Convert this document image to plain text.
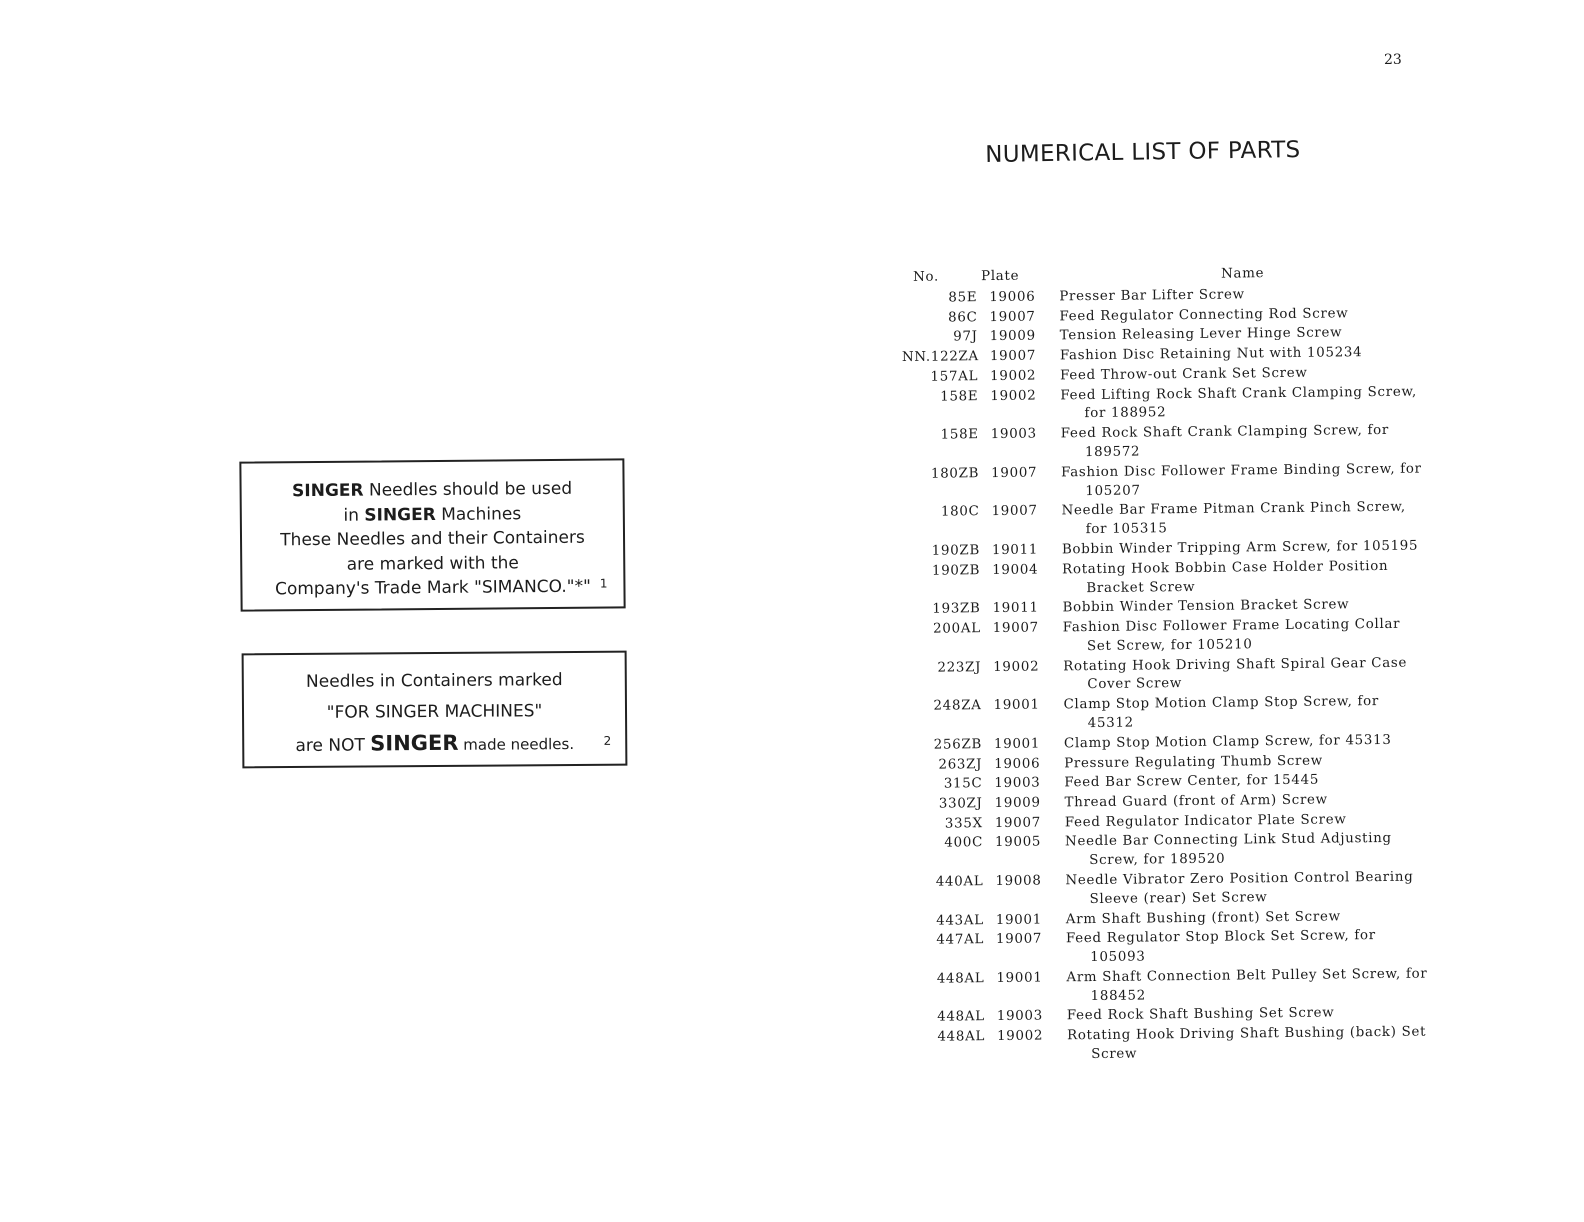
23
NUMERICAL LIST OF PARTS
SINGER Needles should be used
in SINGER Machines
These Needles and their Containers
are marked with the
Company's Trade Mark "SIMANCO."*" 1
Needles in Containers marked
"FOR SINGER MACHINES"
are NOT SINGER made needles.	2
No.	Plate	Name
85E 19006	Presser Bar Lifter Screw
86C 19007	Feed Regulator Connecting Rod Screw
97J 19009	Tension Releasing Lever Hinge Screw
NN.122ZA 19007	Fashion Disc Retaining Nut with 105234
157AL 19002	Feed Throw-out Crank Set Screw
158E 19002	Feed Lifting Rock Shaft Crank Clamping Screw, for 188952
158E 19003	Feed Rock Shaft Crank Clamping Screw, for 189572
180ZB 19007	Fashion Disc Follower Frame Binding Screw, for 105207
180C 19007	Needle Bar Frame Pitman Crank Pinch Screw, for 105315
190ZB 19011	Bobbin Winder Tripping Arm Screw, for 105195
190ZB 19004	Rotating Hook Bobbin Case Holder Position Bracket Screw
193ZB 19011	Bobbin Winder Tension Bracket Screw
200AL 19007	Fashion Disc Follower Frame Locating Collar Set Screw, for 105210
223ZJ 19002	Rotating Hook Driving Shaft Spiral Gear Case Cover Screw
248ZA 19001	Clamp Stop Motion Clamp Stop Screw, for 45312
256ZB 19001	Clamp Stop Motion Clamp Screw, for 45313
263ZJ 19006	Pressure Regulating Thumb Screw
315C 19003	Feed Bar Screw Center, for 15445
330ZJ 19009	Thread Guard (front of Arm) Screw
335X 19007	Feed Regulator Indicator Plate Screw
400C 19005	Needle Bar Connecting Link Stud Adjusting Screw, for 189520
440AL 19008	Needle Vibrator Zero Position Control Bearing Sleeve (rear) Set Screw
443AL 19001	Arm Shaft Bushing (front) Set Screw
447AL 19007	Feed Regulator Stop Block Set Screw, for 105093
448AL 19001	Arm Shaft Connection Belt Pulley Set Screw, for 188452
448AL 19003	Feed Rock Shaft Bushing Set Screw
448AL 19002	Rotating Hook Driving Shaft Bushing (back) Set Screw
